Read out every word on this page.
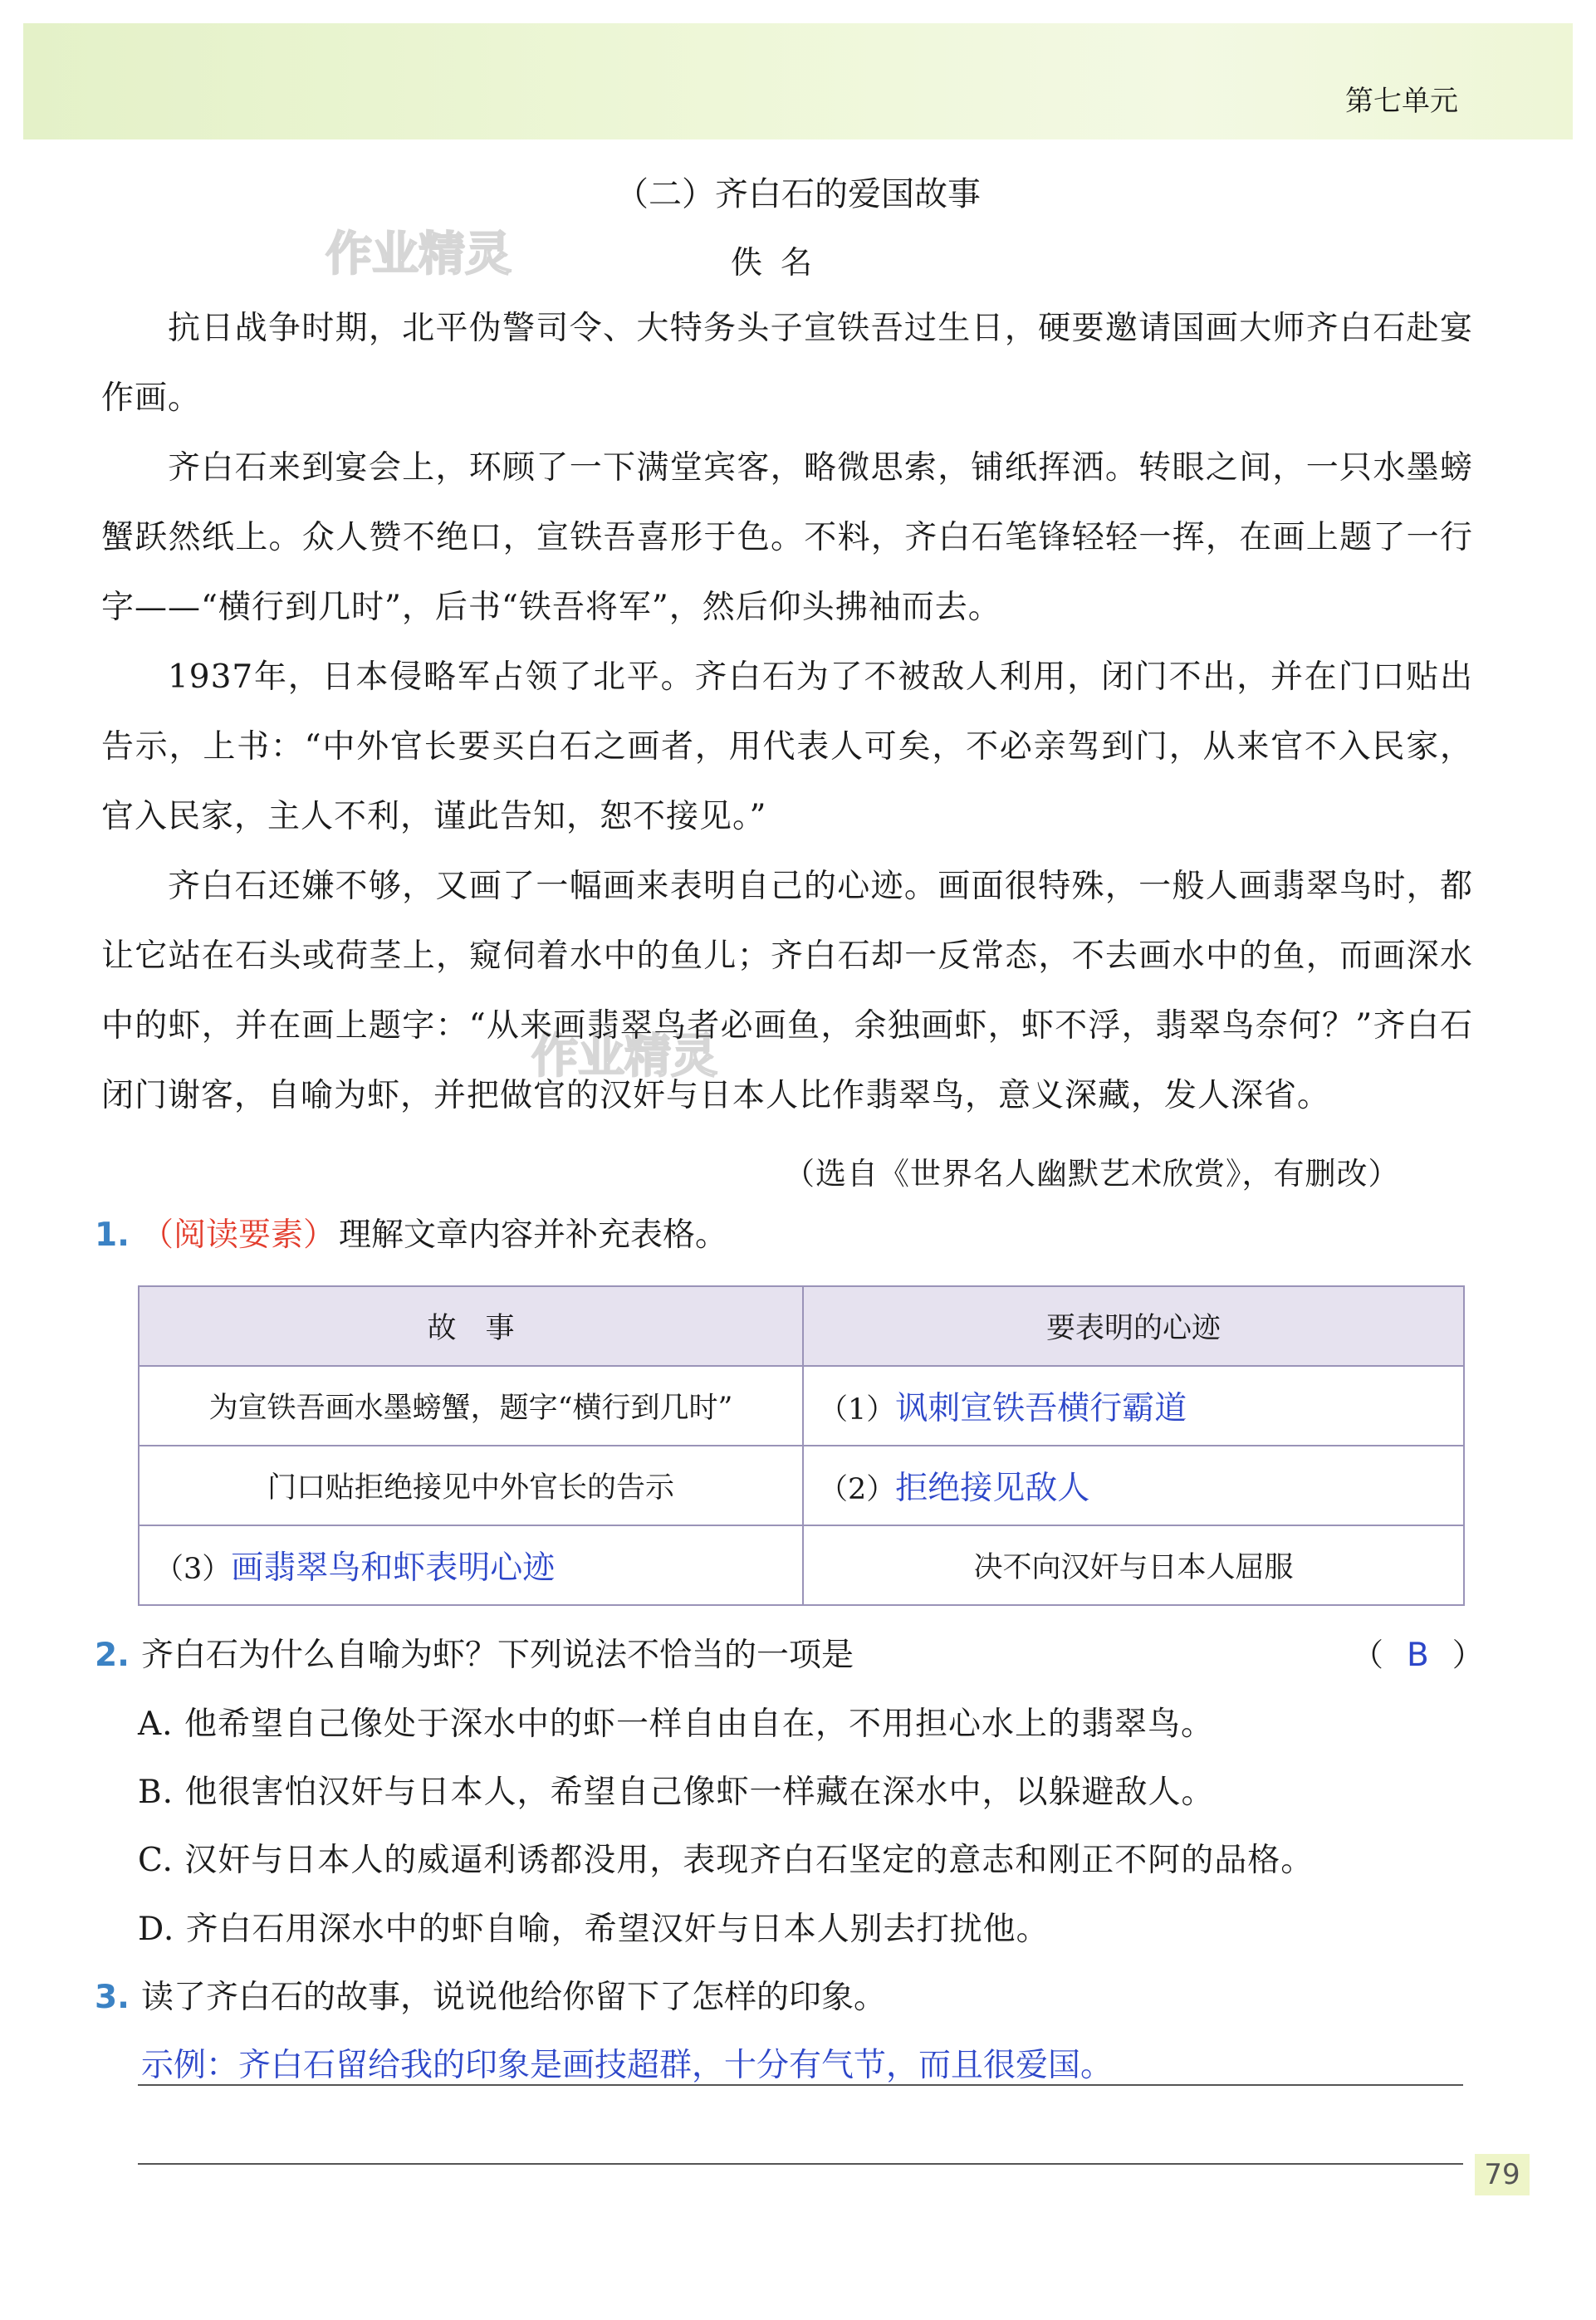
第七单元
作业精灵
作业精灵
（二）齐白石的爱国故事
佚名

抗日战争时期，北平伪警司令、大特务头子宣铁吾过生日，硬要邀请国画大师齐白石赴宴作画。

齐白石来到宴会上，环顾了一下满堂宾客，略微思索，铺纸挥洒。转眼之间，一只水墨螃蟹跃然纸上。众人赞不绝口，宣铁吾喜形于色。不料，齐白石笔锋轻轻一挥，在画上题了一行字——“横行到几时”，后书“铁吾将军”，然后仰头拂袖而去。

1937年，日本侵略军占领了北平。齐白石为了不被敌人利用，闭门不出，并在门口贴出告示，上书：“中外官长要买白石之画者，用代表人可矣，不必亲驾到门，从来官不入民家，官入民家，主人不利，谨此告知，恕不接见。”

齐白石还嫌不够，又画了一幅画来表明自己的心迹。画面很特殊，一般人画翡翠鸟时，都让它站在石头或荷茎上，窥伺着水中的鱼儿；齐白石却一反常态，不去画水中的鱼，而画深水中的虾，并在画上题字：“从来画翡翠鸟者必画鱼，余独画虾，虾不浮，翡翠鸟奈何？”齐白石闭门谢客，自喻为虾，并把做官的汉奸与日本人比作翡翠鸟，意义深藏，发人深省。

（选自《世界名人幽默艺术欣赏》，有删改）
1. （阅读要素） 理解文章内容并补充表格。
故　事	要表明的心迹
为宣铁吾画水墨螃蟹，题字“横行到几时”	（1）讽刺宣铁吾横行霸道
门口贴拒绝接见中外官长的告示	（2）拒绝接见敌人
（3）画翡翠鸟和虾表明心迹	决不向汉奸与日本人屈服
2. 齐白石为什么自喻为虾？下列说法不恰当的一项是	（ B ）
A. 他希望自己像处于深水中的虾一样自由自在，不用担心水上的翡翠鸟。
B. 他很害怕汉奸与日本人，希望自己像虾一样藏在深水中，以躲避敌人。
C. 汉奸与日本人的威逼利诱都没用，表现齐白石坚定的意志和刚正不阿的品格。
D. 齐白石用深水中的虾自喻，希望汉奸与日本人别去打扰他。
3. 读了齐白石的故事，说说他给你留下了怎样的印象。
示例：齐白石留给我的印象是画技超群，十分有气节，而且很爱国。
79
